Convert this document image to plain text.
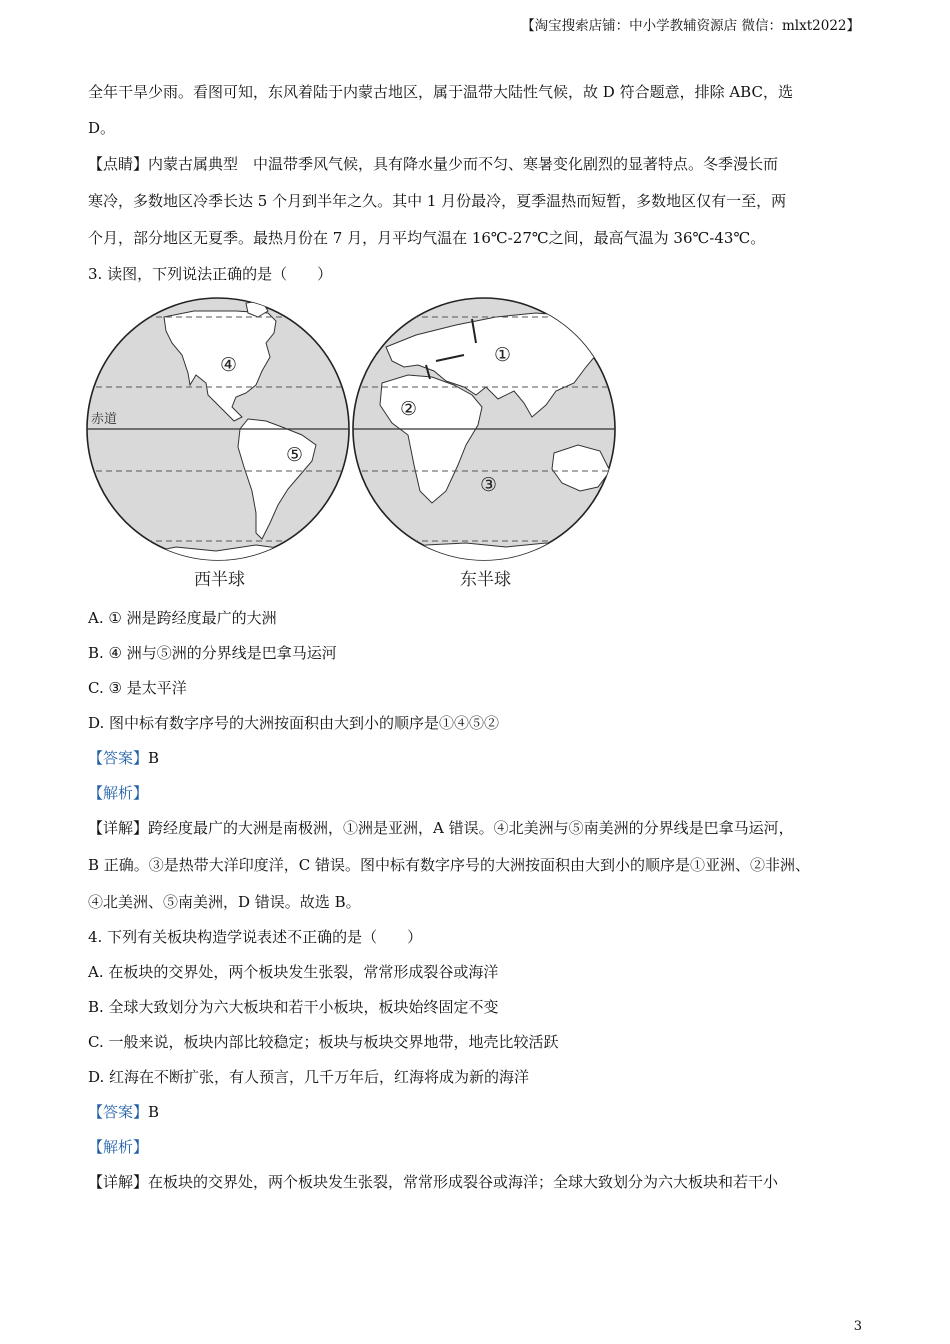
【淘宝搜索店铺：中小学教辅资源店 微信：mlxt2022】
全年干旱少雨。看图可知，东风着陆于内蒙古地区，属于温带大陆性气候，故 D 符合题意，排除 ABC，选
D。
【点睛】内蒙古属典型　中温带季风气候，具有降水量少而不匀、寒暑变化剧烈的显著特点。冬季漫长而
寒冷，多数地区冷季长达 5 个月到半年之久。其中 1 月份最冷，夏季温热而短暂，多数地区仅有一至，两
个月，部分地区无夏季。最热月份在 7 月，月平均气温在 16℃-27℃之间，最高气温为 36℃-43℃。
3. 读图，下列说法正确的是（　　）
赤道
④
⑤
西半球
①
②
③
东半球
A. ① 洲是跨经度最广的大洲
B. ④ 洲与⑤洲的分界线是巴拿马运河
C. ③ 是太平洋
D. 图中标有数字序号的大洲按面积由大到小的顺序是①④⑤②
【答案】B
【解析】
【详解】跨经度最广的大洲是南极洲，①洲是亚洲，A 错误。④北美洲与⑤南美洲的分界线是巴拿马运河，
B 正确。③是热带大洋印度洋，C 错误。图中标有数字序号的大洲按面积由大到小的顺序是①亚洲、②非洲、
④北美洲、⑤南美洲，D 错误。故选 B。
4. 下列有关板块构造学说表述不正确的是（　　）
A. 在板块的交界处，两个板块发生张裂，常常形成裂谷或海洋
B. 全球大致划分为六大板块和若干小板块，板块始终固定不变
C. 一般来说，板块内部比较稳定；板块与板块交界地带，地壳比较活跃
D. 红海在不断扩张，有人预言，几千万年后，红海将成为新的海洋
【答案】B
【解析】
【详解】在板块的交界处，两个板块发生张裂，常常形成裂谷或海洋；全球大致划分为六大板块和若干小
3
